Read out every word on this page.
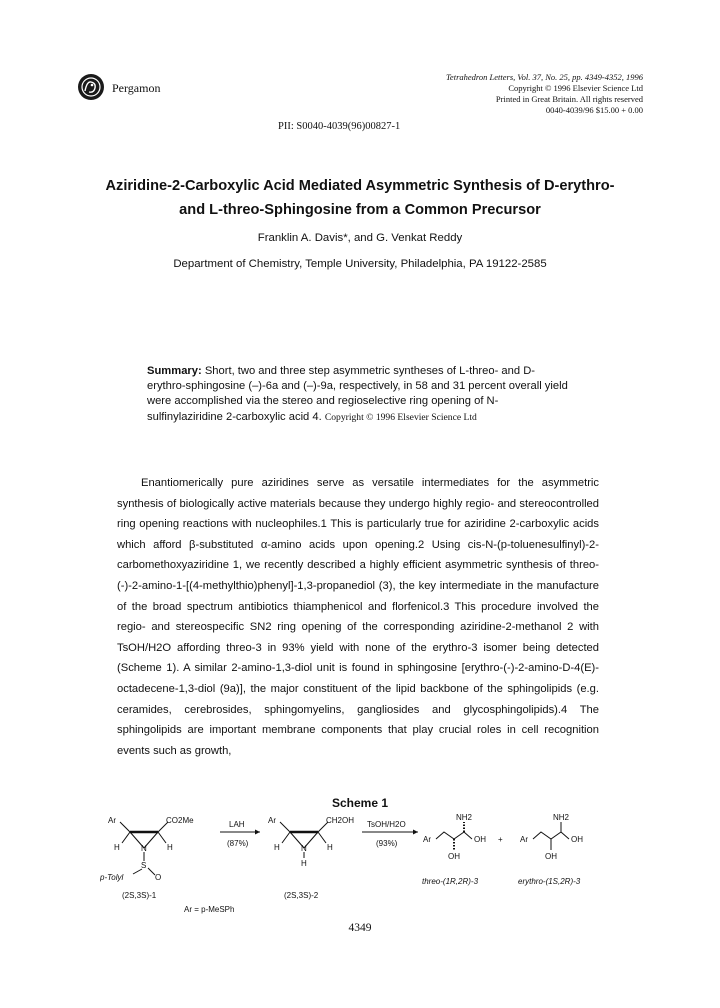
Pergamon
Tetrahedron Letters, Vol. 37, No. 25, pp. 4349-4352, 1996
Copyright © 1996 Elsevier Science Ltd
Printed in Great Britain. All rights reserved
0040-4039/96 $15.00 + 0.00
PII: S0040-4039(96)00827-1
Aziridine-2-Carboxylic Acid Mediated Asymmetric Synthesis of D-erythro-
and L-threo-Sphingosine from a Common Precursor
Franklin A. Davis*, and G. Venkat Reddy
Department of Chemistry, Temple University, Philadelphia, PA 19122-2585
Summary: Short, two and three step asymmetric syntheses of L-threo- and D-erythro-sphingosine (–)-6a and (–)-9a, respectively, in 58 and 31 percent overall yield were accomplished via the stereo and regioselective ring opening of N-sulfinylaziridine 2-carboxylic acid 4. Copyright © 1996 Elsevier Science Ltd

Enantiomerically pure aziridines serve as versatile intermediates for the asymmetric synthesis of biologically active materials because they undergo highly regio- and stereocontrolled ring opening reactions with nucleophiles.1 This is particularly true for aziridine 2-carboxylic acids which afford β-substituted α-amino acids upon opening.2 Using cis-N-(p-toluenesulfinyl)-2-carbomethoxyaziridine 1, we recently described a highly efficient asymmetric synthesis of threo-(-)-2-amino-1-[(4-methylthio)phenyl]-1,3-propanediol (3), the key intermediate in the manufacture of the broad spectrum antibiotics thiamphenicol and florfenicol.3 This procedure involved the regio- and stereospecific SN2 ring opening of the corresponding aziridine-2-methanol 2 with TsOH/H2O affording threo-3 in 93% yield with none of the erythro-3 isomer being detected (Scheme 1). A similar 2-amino-1,3-diol unit is found in sphingosine [erythro-(-)-2-amino-D-4(E)-octadecene-1,3-diol (9a)], the major constituent of the lipid backbone of the sphingolipids (e.g. ceramides, cerebrosides, sphingomyelins, gangliosides and glycosphingolipids).4 The sphingolipids are important membrane components that play crucial roles in cell recognition events such as growth,

Scheme 1
Ar	CO2Me
H	H
N
S
O
p-Tolyl
(2S,3S)-1
LAH
(87%)
Ar	CH2OH
H	H
N
H
(2S,3S)-2
TsOH/H2O
(93%)	Ar
NH2
OH
OH
threo-(1R,2R)-3
+ Ar
NH2
OH
OH
erythro-(1S,2R)-3
Ar = p-MeSPh
4349
